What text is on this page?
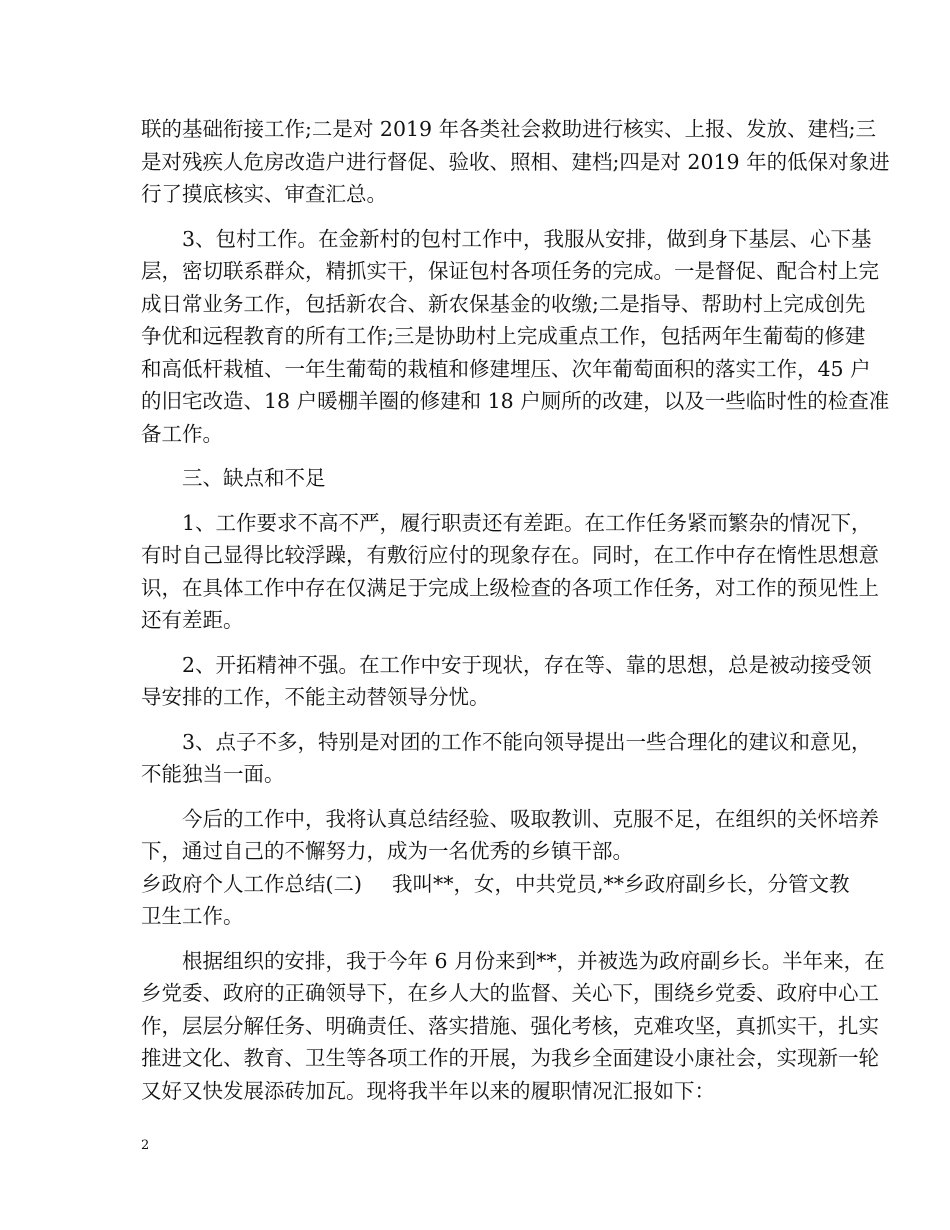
联的基础衔接工作;二是对 2019 年各类社会救助进行核实、上报、发放、建档;三
是对残疾人危房改造户进行督促、验收、照相、建档;四是对 2019 年的低保对象进
行了摸底核实、审查汇总。
3、包村工作。在金新村的包村工作中，我服从安排，做到身下基层、心下基
层，密切联系群众，精抓实干，保证包村各项任务的完成。一是督促、配合村上完
成日常业务工作，包括新农合、新农保基金的收缴;二是指导、帮助村上完成创先
争优和远程教育的所有工作;三是协助村上完成重点工作，包括两年生葡萄的修建
和高低杆栽植、一年生葡萄的栽植和修建埋压、次年葡萄面积的落实工作，45 户
的旧宅改造、18 户暖棚羊圈的修建和 18 户厕所的改建，以及一些临时性的检查准
备工作。
三、缺点和不足
1、工作要求不高不严，履行职责还有差距。在工作任务紧而繁杂的情况下，
有时自己显得比较浮躁，有敷衍应付的现象存在。同时，在工作中存在惰性思想意
识，在具体工作中存在仅满足于完成上级检查的各项工作任务，对工作的预见性上
还有差距。
2、开拓精神不强。在工作中安于现状，存在等、靠的思想，总是被动接受领
导安排的工作，不能主动替领导分忧。
3、点子不多，特别是对团的工作不能向领导提出一些合理化的建议和意见，
不能独当一面。
今后的工作中，我将认真总结经验、吸取教训、克服不足，在组织的关怀培养
下，通过自己的不懈努力，成为一名优秀的乡镇干部。
乡政府个人工作总结(二) 我叫**，女，中共党员,**乡政府副乡长，分管文教
卫生工作。
根据组织的安排，我于今年 6 月份来到**，并被选为政府副乡长。半年来，在
乡党委、政府的正确领导下，在乡人大的监督、关心下，围绕乡党委、政府中心工
作，层层分解任务、明确责任、落实措施、强化考核，克难攻坚，真抓实干，扎实
推进文化、教育、卫生等各项工作的开展，为我乡全面建设小康社会，实现新一轮
又好又快发展添砖加瓦。现将我半年以来的履职情况汇报如下：
2
